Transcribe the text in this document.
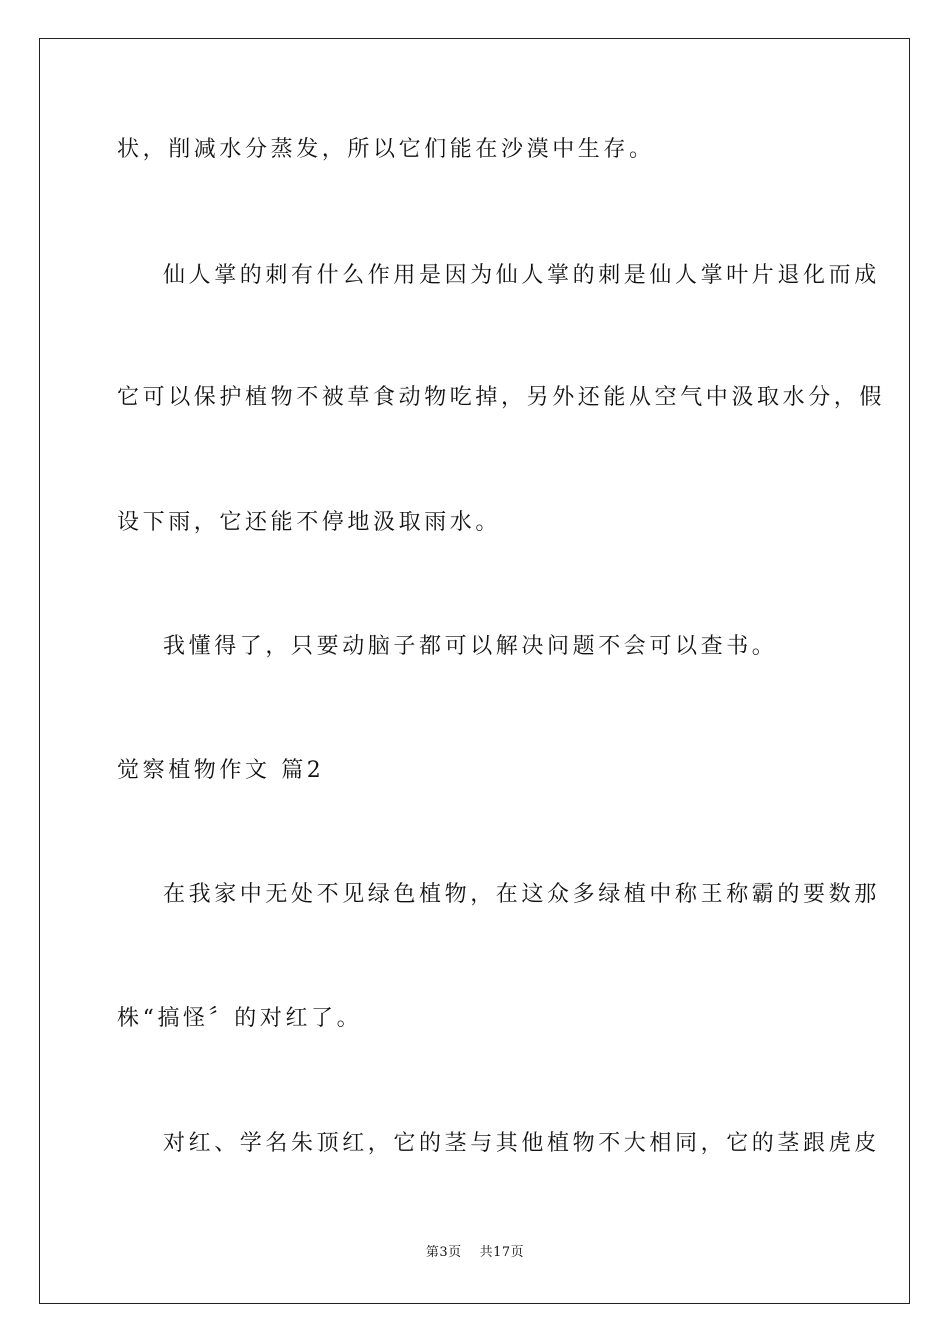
状，削减水分蒸发，所以它们能在沙漠中生存。
仙人掌的刺有什么作用是因为仙人掌的刺是仙人掌叶片退化而成
它可以保护植物不被草食动物吃掉，另外还能从空气中汲取水分，假
设下雨，它还能不停地汲取雨水。
我懂得了，只要动脑子都可以解决问题不会可以查书。
觉察植物作文 篇2
在我家中无处不见绿色植物，在这众多绿植中称王称霸的要数那
株“搞怪〞的对红了。
对红、学名朱顶红，它的茎与其他植物不大相同，它的茎跟虎皮
第3页 共17页
